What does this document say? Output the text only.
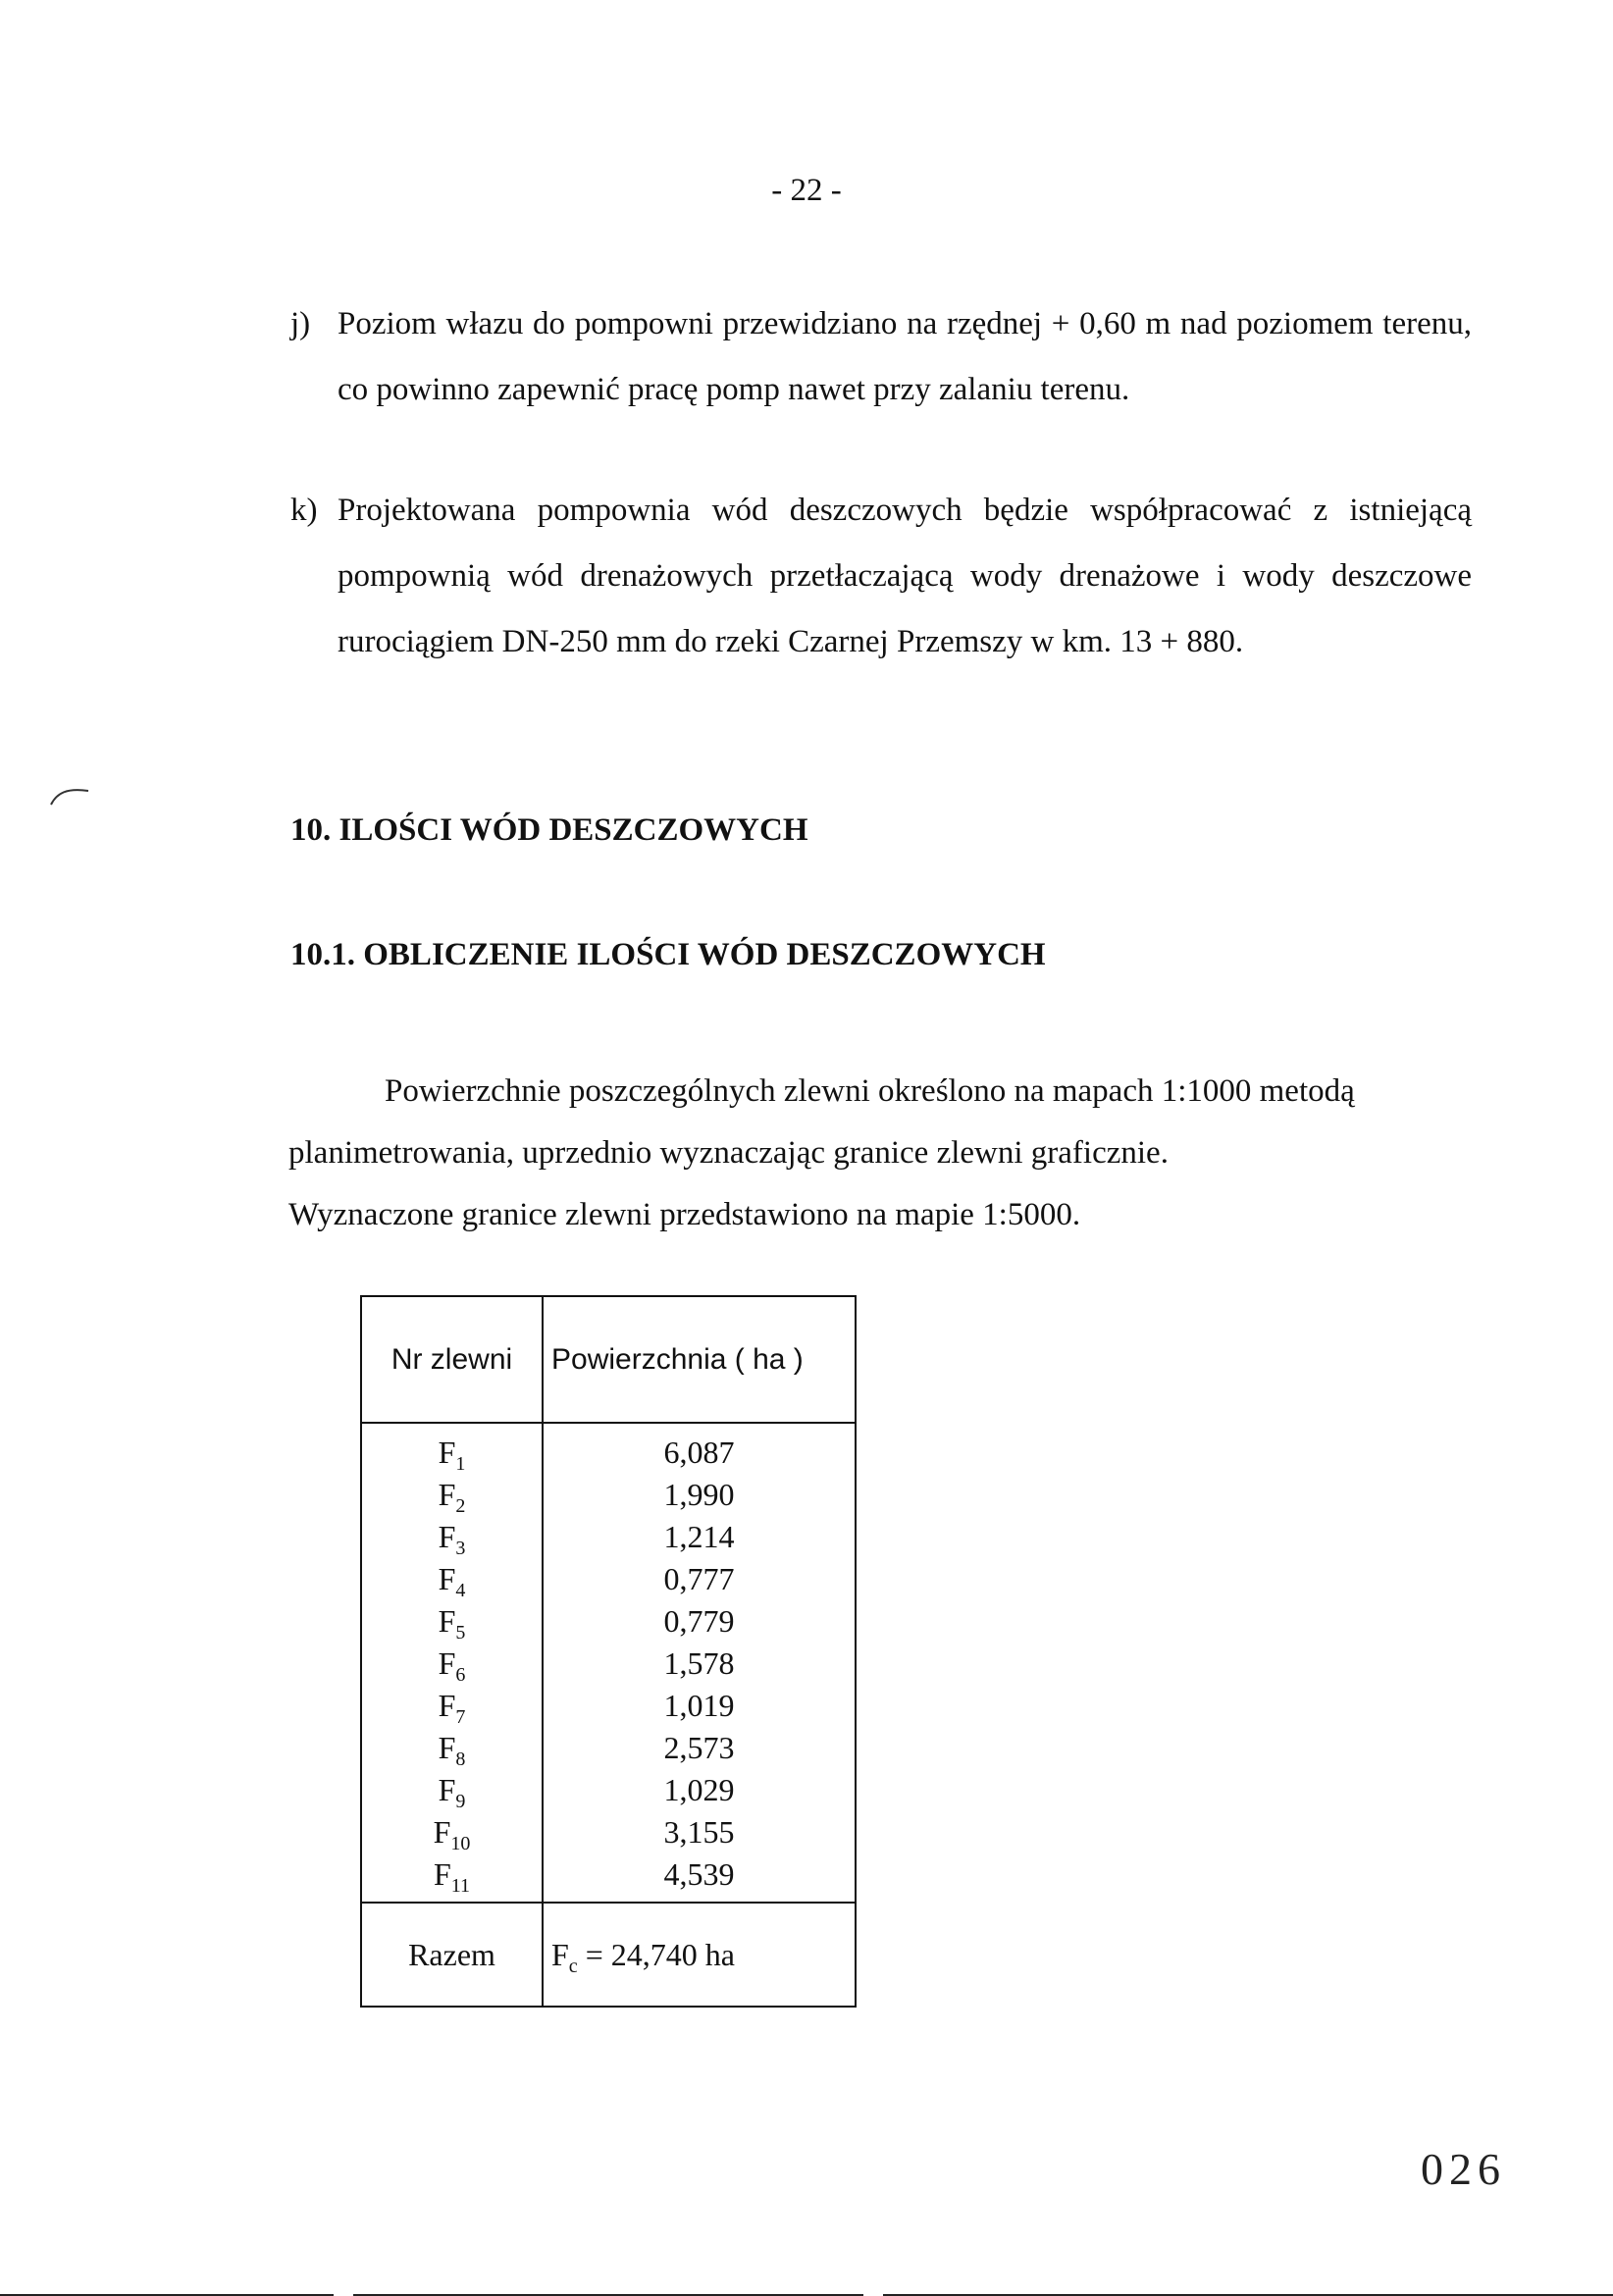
- 22 -
j) Poziom włazu do pompowni przewidziano na rzędnej + 0,60 m nad poziomem terenu, co powinno zapewnić pracę pomp nawet przy zalaniu terenu.
k) Projektowana pompownia wód deszczowych będzie współpracować z istniejącą pompownią wód drenażowych przetłaczającą wody drenażowe i wody deszczowe rurociągiem DN-250 mm do rzeki Czarnej Przemszy w km. 13 + 880.
10. ILOŚCI WÓD DESZCZOWYCH
10.1. OBLICZENIE ILOŚCI WÓD DESZCZOWYCH
Powierzchnie poszczególnych zlewni określono na mapach 1:1000 metodą planimetrowania, uprzednio wyznaczając granice zlewni graficznie.
Wyznaczone granice zlewni przedstawiono na mapie 1:5000.
Nr zlewni	Powierzchnia ( ha )
$F_1$	6,087
$F_2$	1,990
$F_3$	1,214
$F_4$	0,777
$F_5$	0,779
$F_6$	1,578
$F_7$	1,019
$F_8$	2,573
$F_9$	1,029
$F_{10}$	3,155
$F_{11}$	4,539
Razem	$F_c = 24,740$ ha
026
